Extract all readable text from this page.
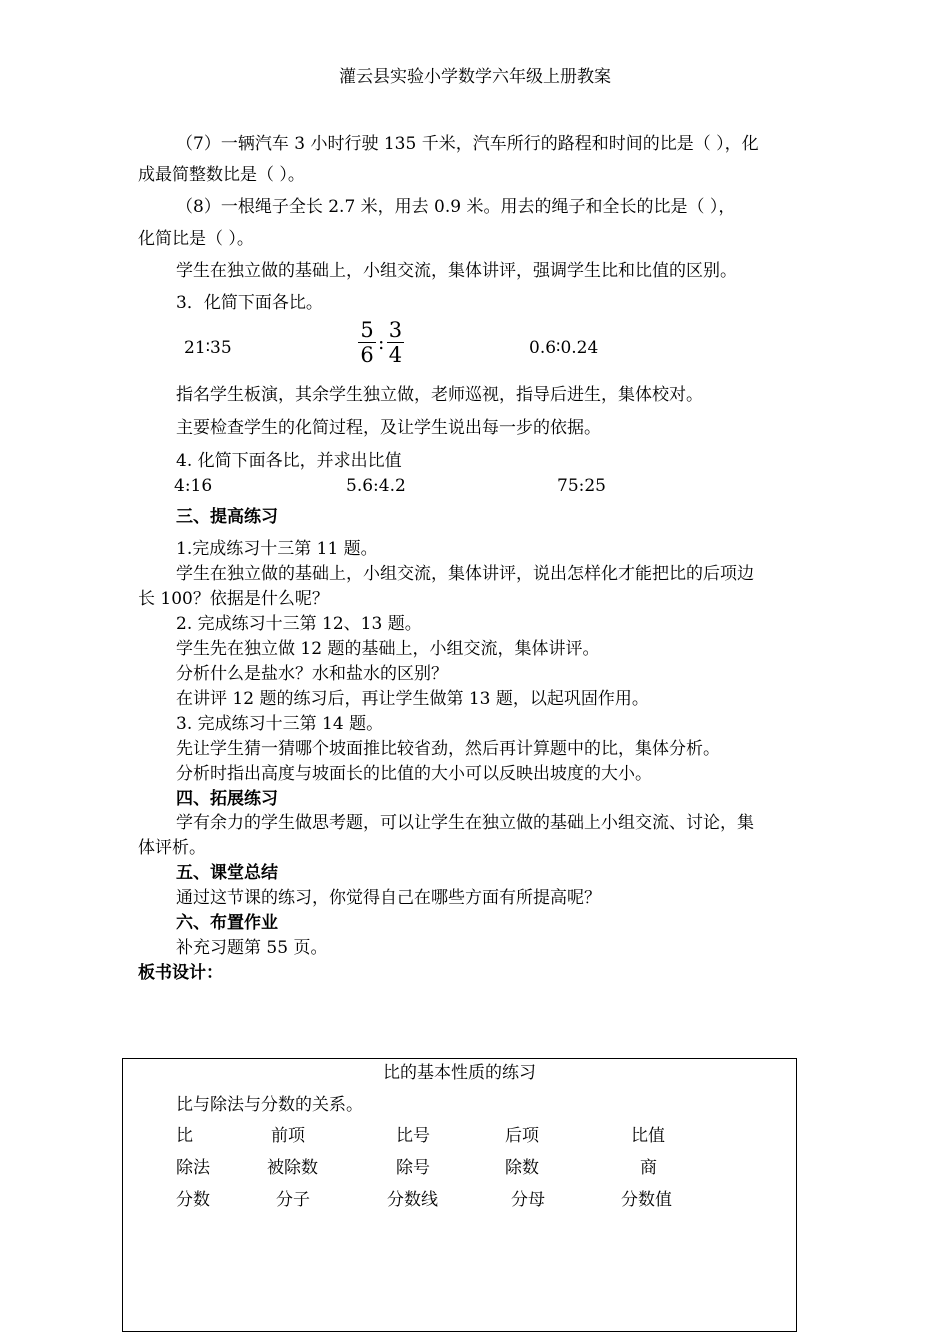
灌云县实验小学数学六年级上册教案
（7）一辆汽车 3 小时行驶 135 千米，汽车所行的路程和时间的比是（ ），化
成最简整数比是（ ）。
（8）一根绳子全长 2.7 米，用去 0.9 米。用去的绳子和全长的比是（ ），
化简比是（ ）。
学生在独立做的基础上，小组交流，集体讲评，强调学生比和比值的区别。
3．化简下面各比。
21∶35	$\frac{5}{6}$ : $\frac{3}{4}$	0.6∶0.24
指名学生板演，其余学生独立做，老师巡视，指导后进生，集体校对。
主要检查学生的化简过程，及让学生说出每一步的依据。
4. 化简下面各比，并求出比值
4:16	5.6:4.2	75:25
三、提高练习
1.完成练习十三第 11 题。
学生在独立做的基础上，小组交流，集体讲评，说出怎样化才能把比的后项边
长 100？依据是什么呢？
2. 完成练习十三第 12、13 题。
学生先在独立做 12 题的基础上，小组交流，集体讲评。
分析什么是盐水？水和盐水的区别？
在讲评 12 题的练习后，再让学生做第 13 题，以起巩固作用。
3. 完成练习十三第 14 题。
先让学生猜一猜哪个坡面推比较省劲，然后再计算题中的比，集体分析。
分析时指出高度与坡面长的比值的大小可以反映出坡度的大小。
四、拓展练习
学有余力的学生做思考题，可以让学生在独立做的基础上小组交流、讨论，集
体评析。
五、课堂总结
通过这节课的练习，你觉得自己在哪些方面有所提高呢？
六、布置作业
补充习题第 55 页。
板书设计：
比的基本性质的练习
比与除法与分数的关系。
比	前项	比号	后项	比值
除法	被除数	除号	除数	商
分数	分子	分数线	分母	分数值
